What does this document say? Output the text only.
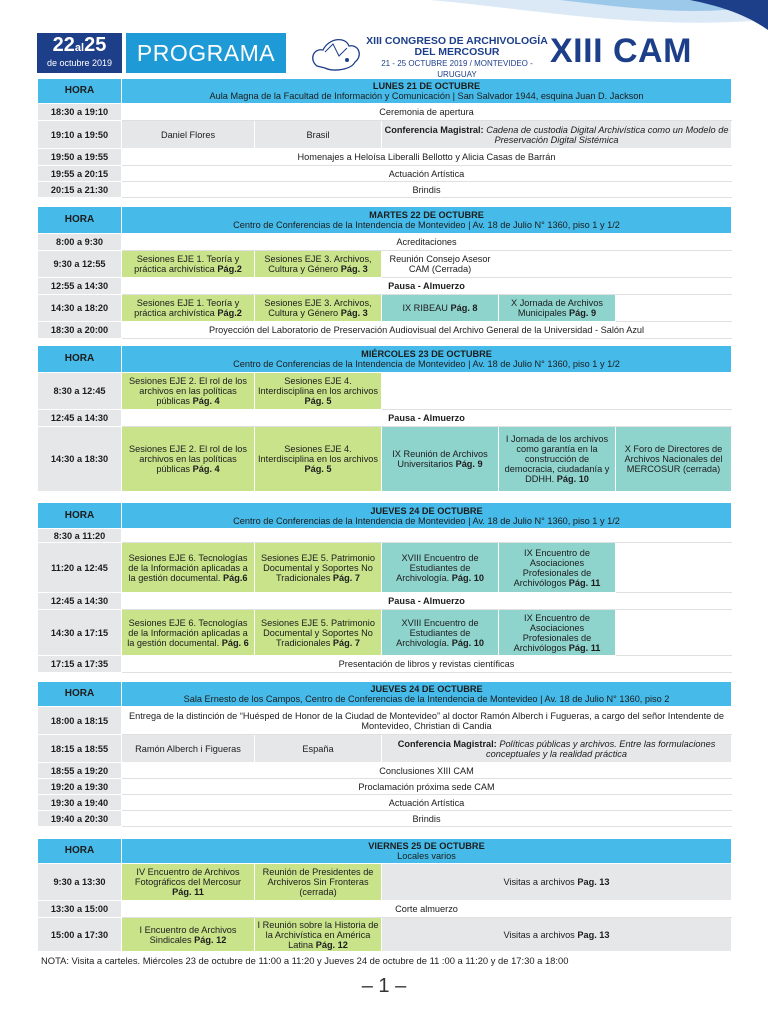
22al25
de octubre 2019	PROGRAMA	XIII CONGRESO DE ARCHIVOLOGÍA
DEL MERCOSUR
21 - 25 OCTUBRE 2019 / MONTEVIDEO - URUGUAY
XIII CAM
HORA	LUNES 21 DE OCTUBRE
Aula Magna de la Facultad de Información y Comunicación | San Salvador 1944, esquina Juan D. Jackson		

18:30 a 19:10	Ceremonia de apertura		
19:10 a 19:50	Daniel Flores	Brasil	Conferencia Magistral: Cadena de custodia Digital Archivística como un Modelo de Preservación Digital Sistémica
19:50 a 19:55	Homenajes a Heloísa Liberalli Bellotto y Alicia Casas de Barrán		
19:55 a 20:15	Actuación Artística		
20:15 a 21:30	Brindis		
HORA	MARTES 22 DE OCTUBRE
Centro de Conferencias de la Intendencia de Montevideo | Av. 18 de Julio N° 1360, piso 1 y 1/2				

8:00 a 9:30	Acreditaciones				
9:30 a 12:55	Sesiones EJE 1. Teoría y práctica archivística Pág.2	Sesiones EJE 3. Archivos, Cultura y Género Pág. 3	Reunión Consejo Asesor CAM (Cerrada)		
12:55 a 14:30	Pausa - Almuerzo				
14:30 a 18:20	Sesiones EJE 1. Teoría y práctica archivística Pág.2	Sesiones EJE 3. Archivos, Cultura y Género Pág. 3	IX RIBEAU Pág. 8	X Jornada de Archivos Municipales Pág. 9	
18:30 a 20:00	Proyección del Laboratorio de Preservación Audiovisual del Archivo General de la Universidad - Salón Azul				
HORA	MIÉRCOLES 23 DE OCTUBRE
Centro de Conferencias de la Intendencia de Montevideo | Av. 18 de Julio N° 1360, piso 1 y 1/2				

8:30 a 12:45	Sesiones EJE 2. El rol de los archivos en las políticas públicas Pág. 4	Sesiones EJE 4. Interdisciplina en los archivos Pág. 5			
12:45 a 14:30	Pausa - Almuerzo				
14:30 a 18:30	Sesiones EJE 2. El rol de los archivos en las políticas públicas Pág. 4	Sesiones EJE 4. Interdisciplina en los archivos Pág. 5	IX Reunión de Archivos Universitarios Pág. 9	I Jornada de los archivos como garantía en la construcción de democracia, ciudadanía y DDHH. Pág. 10	X Foro de Directores de Archivos Nacionales del MERCOSUR (cerrada)
HORA	JUEVES 24 DE OCTUBRE
Centro de Conferencias de la Intendencia de Montevideo | Av. 18 de Julio N° 1360, piso 1 y 1/2				

8:30 a 11:20					
11:20 a 12:45	Sesiones EJE 6. Tecnologías de la Información aplicadas a la gestión documental. Pág.6	Sesiones EJE 5. Patrimonio Documental y Soportes No Tradicionales Pág. 7	XVIII Encuentro de Estudiantes de Archivología. Pág. 10	IX Encuentro de Asociaciones Profesionales de Archivólogos Pág. 11	
12:45 a 14:30	Pausa - Almuerzo				
14:30 a 17:15	Sesiones EJE 6. Tecnologías de la Información aplicadas a la gestión documental. Pág. 6	Sesiones EJE 5. Patrimonio Documental y Soportes No Tradicionales Pág. 7	XVIII Encuentro de Estudiantes de Archivología. Pág. 10	IX Encuentro de Asociaciones Profesionales de Archivólogos Pág. 11	
17:15 a 17:35	Presentación de libros y revistas científicas				
HORA	JUEVES 24 DE OCTUBRE
Sala Ernesto de los Campos, Centro de Conferencias de la Intendencia de Montevideo | Av. 18 de Julio N° 1360, piso 2		

18:00 a 18:15	Entrega de la distinción de “Huésped de Honor de la Ciudad de Montevideo” al doctor Ramón Alberch i Fugueras, a cargo del señor Intendente de Montevideo, Christian di Candia		
18:15 a 18:55	Ramón Alberch i Figueras	España	Conferencia Magistral: Políticas públicas y archivos. Entre las formulaciones conceptuales y la realidad práctica
18:55 a 19:20	Conclusiones XIII CAM		
19:20 a 19:30	Proclamación próxima sede CAM		
19:30 a 19:40	Actuación Artística		
19:40 a 20:30	Brindis		
HORA	VIERNES 25 DE OCTUBRE
Locales varios		

9:30 a 13:30	IV Encuentro de Archivos Fotográficos del Mercosur Pág. 11	Reunión de Presidentes de Archiveros Sin Fronteras (cerrada)	Visitas a archivos Pag. 13
13:30 a 15:00	Corte almuerzo		
15:00 a 17:30	I Encuentro de Archivos Sindicales Pág. 12	I Reunión sobre la Historia de la Archivística en América Latina Pág. 12	Visitas a archivos Pag. 13
NOTA: Visita a carteles. Miércoles 23 de octubre de 11:00 a 11:20 y Jueves 24 de octubre de 11 :00 a 11:20 y de 17:30 a 18:00
– 1 –
